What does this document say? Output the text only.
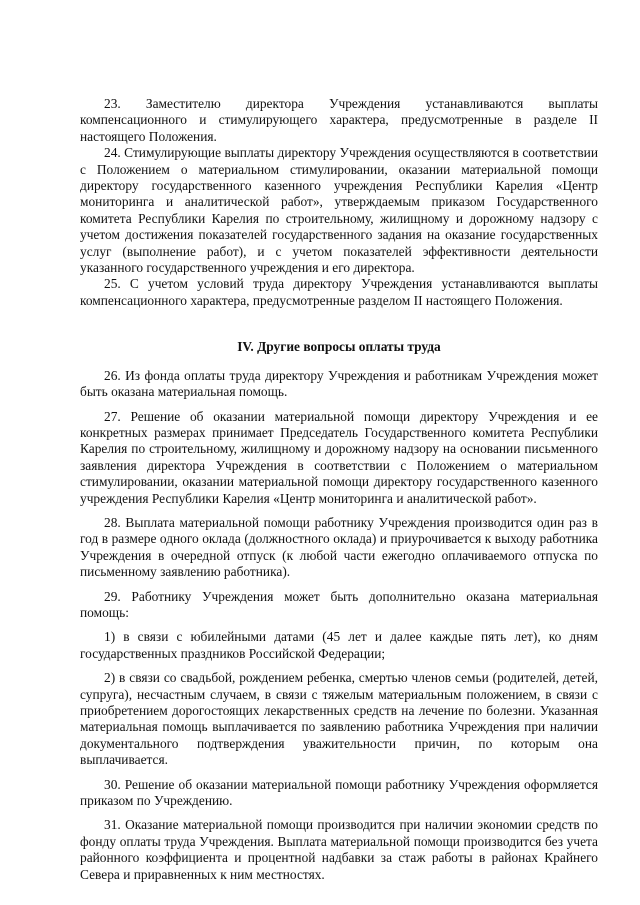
23. Заместителю директора Учреждения устанавливаются выплаты компенсационного и стимулирующего характера, предусмотренные в разделе II настоящего Положения.

24. Стимулирующие выплаты директору Учреждения осуществляются в соответствии с Положением о материальном стимулировании, оказании материальной помощи директору государственного казенного учреждения Республики Карелия «Центр мониторинга и аналитической работ», утверждаемым приказом Государственного комитета Республики Карелия по строительному, жилищному и дорожному надзору с учетом достижения показателей государственного задания на оказание государственных услуг (выполнение работ), и с учетом показателей эффективности деятельности указанного государственного учреждения и его директора.

25. С учетом условий труда директору Учреждения устанавливаются выплаты компенсационного характера, предусмотренные разделом II настоящего Положения.

IV. Другие вопросы оплаты труда

26. Из фонда оплаты труда директору Учреждения и работникам Учреждения может быть оказана материальная помощь.

27. Решение об оказании материальной помощи директору Учреждения и ее конкретных размерах принимает Председатель Государственного комитета Республики Карелия по строительному, жилищному и дорожному надзору на основании письменного заявления директора Учреждения в соответствии с Положением о материальном стимулировании, оказании материальной помощи директору государственного казенного учреждения Республики Карелия «Центр мониторинга и аналитической работ».

28. Выплата материальной помощи работнику Учреждения производится один раз в год в размере одного оклада (должностного оклада) и приурочивается к выходу работника Учреждения в очередной отпуск (к любой части ежегодно оплачиваемого отпуска по письменному заявлению работника).

29. Работнику Учреждения может быть дополнительно оказана материальная помощь:

1) в связи с юбилейными датами (45 лет и далее каждые пять лет), ко дням государственных праздников Российской Федерации;

2) в связи со свадьбой, рождением ребенка, смертью членов семьи (родителей, детей, супруга), несчастным случаем, в связи с тяжелым материальным положением, в связи с приобретением дорогостоящих лекарственных средств на лечение по болезни. Указанная материальная помощь выплачивается по заявлению работника Учреждения при наличии документального подтверждения уважительности причин, по которым она выплачивается.

30. Решение об оказании материальной помощи работнику Учреждения оформляется приказом по Учреждению.

31. Оказание материальной помощи производится при наличии экономии средств по фонду оплаты труда Учреждения. Выплата материальной помощи производится без учета районного коэффициента и процентной надбавки за стаж работы в районах Крайнего Севера и приравненных к ним местностях.
